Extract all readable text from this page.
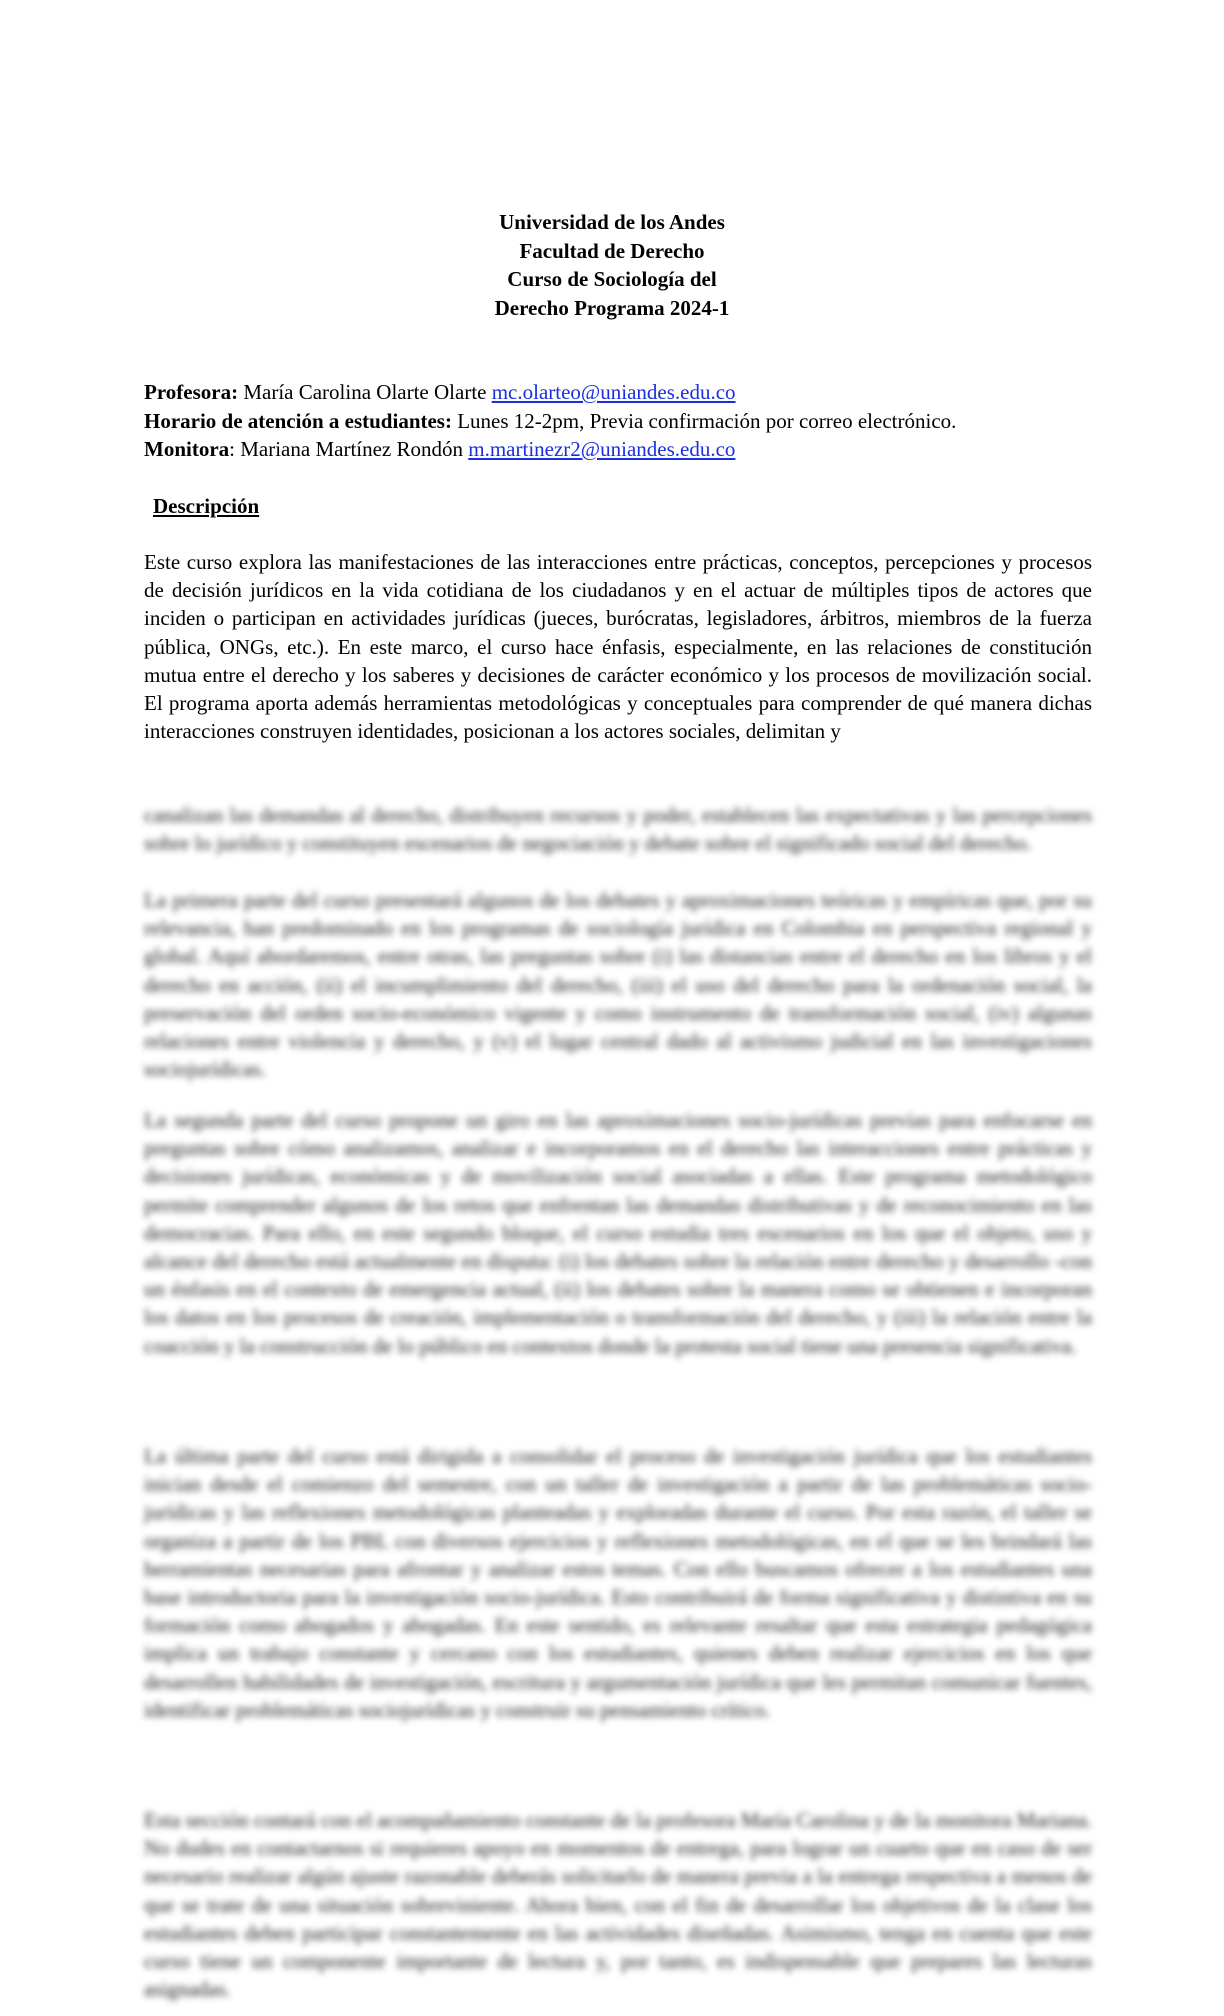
Universidad de los Andes
Facultad de Derecho
Curso de Sociología del
Derecho Programa 2024-1
Profesora: María Carolina Olarte Olarte mc.olarteo@uniandes.edu.co
Horario de atención a estudiantes: Lunes 12-2pm, Previa confirmación por correo electrónico.
Monitora: Mariana Martínez Rondón m.martinezr2@uniandes.edu.co
Descripción

Este curso explora las manifestaciones de las interacciones entre prácticas, conceptos, percepciones y procesos de decisión jurídicos en la vida cotidiana de los ciudadanos y en el actuar de múltiples tipos de actores que inciden o participan en actividades jurídicas (jueces, burócratas, legisladores, árbitros, miembros de la fuerza pública, ONGs, etc.). En este marco, el curso hace énfasis, especialmente, en las relaciones de constitución mutua entre el derecho y los saberes y decisiones de carácter económico y los procesos de movilización social. El programa aporta además herramientas metodológicas y conceptuales para comprender de qué manera dichas interacciones construyen identidades, posicionan a los actores sociales, delimitan y

canalizan las demandas al derecho, distribuyen recursos y poder, establecen las expectativas y las percepciones sobre lo jurídico y constituyen escenarios de negociación y debate sobre el significado social del derecho.

La primera parte del curso presentará algunos de los debates y aproximaciones teóricas y empíricas que, por su relevancia, han predominado en los programas de sociología jurídica en Colombia en perspectiva regional y global. Aquí abordaremos, entre otras, las preguntas sobre (i) las distancias entre el derecho en los libros y el derecho en acción, (ii) el incumplimiento del derecho, (iii) el uso del derecho para la ordenación social, la preservación del orden socio-económico vigente y como instrumento de transformación social, (iv) algunas relaciones entre violencia y derecho, y (v) el lugar central dado al activismo judicial en las investigaciones sociojurídicas.

La segunda parte del curso propone un giro en las aproximaciones socio-jurídicas previas para enfocarse en preguntas sobre cómo analizamos, analizar e incorporamos en el derecho las interacciones entre prácticas y decisiones jurídicas, económicas y de movilización social asociadas a ellas. Este programa metodológico permite comprender algunos de los retos que enfrentan las demandas distributivas y de reconocimiento en las democracias. Para ello, en este segundo bloque, el curso estudia tres escenarios en los que el objeto, uso y alcance del derecho está actualmente en disputa: (i) los debates sobre la relación entre derecho y desarrollo -con un énfasis en el contexto de emergencia actual, (ii) los debates sobre la manera como se obtienen e incorporan los datos en los procesos de creación, implementación o transformación del derecho, y (iii) la relación entre la coacción y la construcción de lo público en contextos donde la protesta social tiene una presencia significativa.

La última parte del curso está dirigida a consolidar el proceso de investigación jurídica que los estudiantes inician desde el comienzo del semestre, con un taller de investigación a partir de las problemáticas socio-jurídicas y las reflexiones metodológicas planteadas y exploradas durante el curso. Por esta razón, el taller se organiza a partir de los PBL con diversos ejercicios y reflexiones metodológicas, en el que se les brindará las herramientas necesarias para afrontar y analizar estos temas. Con ello buscamos ofrecer a los estudiantes una base introductoria para la investigación socio-jurídica. Esto contribuirá de forma significativa y distintiva en su formación como abogados y abogadas. En este sentido, es relevante resaltar que esta estrategia pedagógica implica un trabajo constante y cercano con los estudiantes, quienes deben realizar ejercicios en los que desarrollen habilidades de investigación, escritura y argumentación jurídica que les permitan comunicar fuentes, identificar problemáticas sociojurídicas y construir su pensamiento crítico.

Esta sección contará con el acompañamiento constante de la profesora María Carolina y de la monitora Mariana. No dudes en contactarnos si requieres apoyo en momentos de entrega, para lograr un cuarto que en caso de ser necesario realizar algún ajuste razonable deberás solicitarlo de manera previa a la entrega respectiva a menos de que se trate de una situación sobreviniente. Ahora bien, con el fin de desarrollar los objetivos de la clase los estudiantes deben participar constantemente en las actividades diseñadas. Asimismo, tenga en cuenta que este curso tiene un componente importante de lectura y, por tanto, es indispensable que prepares las lecturas asignadas.
